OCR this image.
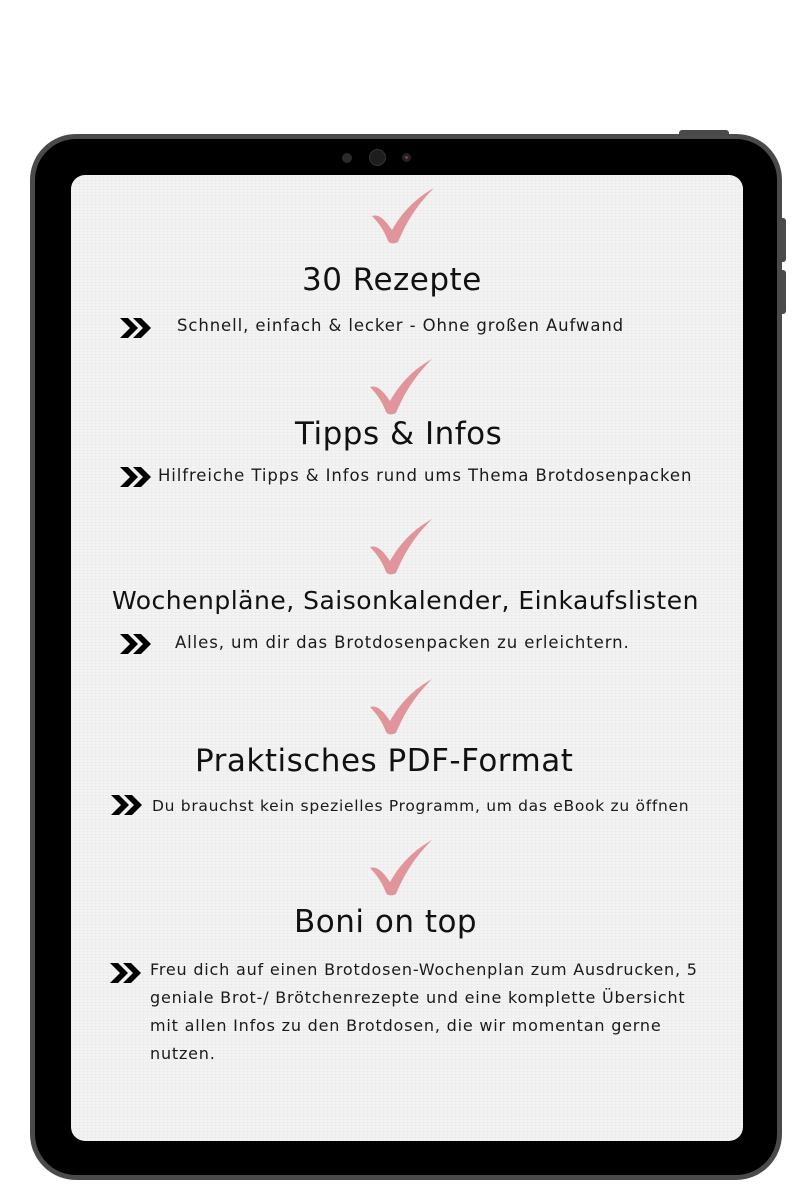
30 Rezepte
Schnell, einfach & lecker - Ohne großen Aufwand
Tipps & Infos
Hilfreiche Tipps & Infos rund ums Thema Brotdosenpacken
Wochenpläne, Saisonkalender, Einkaufslisten
Alles, um dir das Brotdosenpacken zu erleichtern.
Praktisches PDF-Format
Du brauchst kein spezielles Programm, um das eBook zu öffnen
Boni on top
Freu dich auf einen Brotdosen-Wochenplan zum Ausdrucken, 5 geniale Brot-/ Brötchenrezepte und eine komplette Übersicht mit allen Infos zu den Brotdosen, die wir momentan gerne nutzen.
